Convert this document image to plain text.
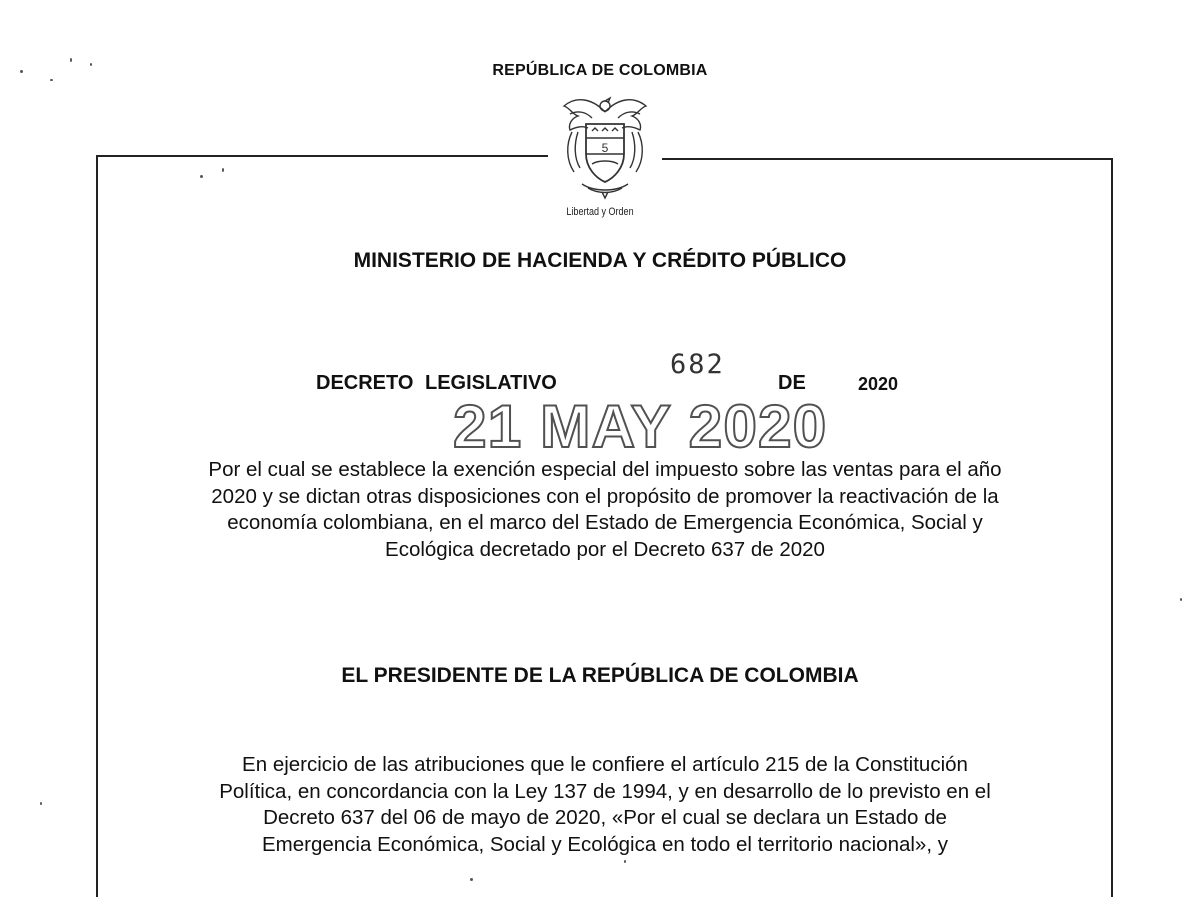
REPÚBLICA DE COLOMBIA
5
Libertad y Orden
MINISTERIO DE HACIENDA Y CRÉDITO PÚBLICO
DECRETO LEGISLATIVO
682
DE	2020
21 MAY 2020
Por el cual se establece la exención especial del impuesto sobre las ventas para el año
2020 y se dictan otras disposiciones con el propósito de promover la reactivación de la
economía colombiana, en el marco del Estado de Emergencia Económica, Social y
Ecológica decretado por el Decreto 637 de 2020
EL PRESIDENTE DE LA REPÚBLICA DE COLOMBIA
En ejercicio de las atribuciones que le confiere el artículo 215 de la Constitución
Política, en concordancia con la Ley 137 de 1994, y en desarrollo de lo previsto en el
Decreto 637 del 06 de mayo de 2020, «Por el cual se declara un Estado de
Emergencia Económica, Social y Ecológica en todo el territorio nacional», y
